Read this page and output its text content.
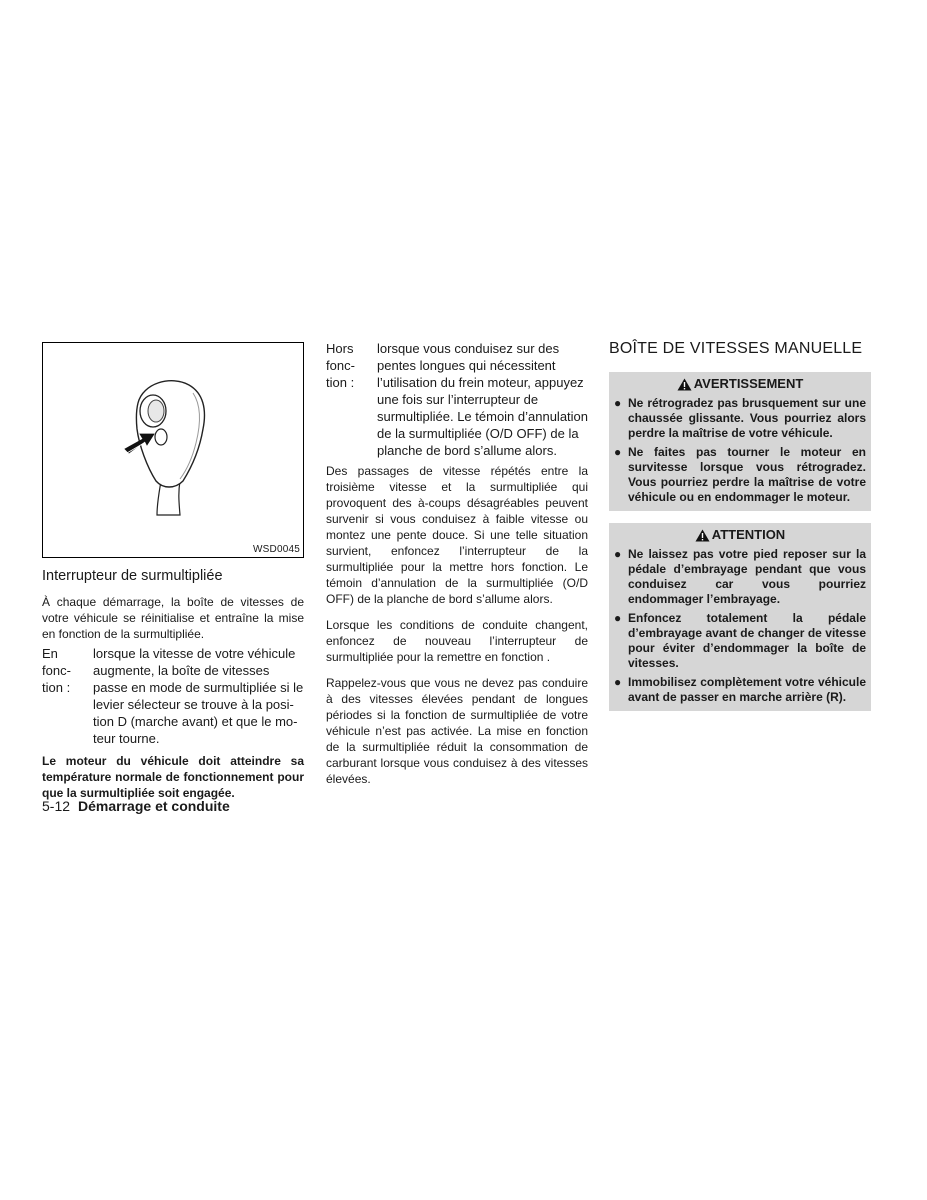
WSD0045
Interrupteur de surmultipliée

À chaque démarrage, la boîte de vitesses de votre véhicule se réinitialise et entraîne la mise en fonction de la surmultipliée.

En
fonc-
tion :
lorsque la vitesse de votre véhicule
augmente, la boîte de vitesses
passe en mode de surmultipliée si le
levier sélecteur se trouve à la posi-
tion D (marche avant) et que le mo-
teur tourne.

Le moteur du véhicule doit atteindre sa température normale de fonctionnement pour que la surmultipliée soit engagée.

Hors
fonc-
tion :
lorsque vous conduisez sur des
pentes longues qui nécessitent
l’utilisation du frein moteur, appuyez
une fois sur l’interrupteur de
surmultipliée. Le témoin d’annulation
de la surmultipliée (O/D OFF) de la
planche de bord s’allume alors.

Des passages de vitesse répétés entre la troisième vitesse et la surmultipliée qui provoquent des à-coups désagréables peuvent survenir si vous conduisez à faible vitesse ou montez une pente douce. Si une telle situation survient, enfoncez l’interrupteur de la surmultipliée pour la mettre hors fonction. Le témoin d’annulation de la surmultipliée (O/D OFF) de la planche de bord s’allume alors.

Lorsque les conditions de conduite changent, enfoncez de nouveau l’interrupteur de surmultipliée pour la remettre en fonction .

Rappelez-vous que vous ne devez pas conduire à des vitesses élevées pendant de longues périodes si la fonction de surmultipliée de votre véhicule n’est pas activée. La mise en fonction de la surmultipliée réduit la consommation de carburant lorsque vous conduisez à des vitesses élevées.

BOÎTE DE VITESSES MANUELLE
AVERTISSEMENT
● Ne rétrogradez pas brusquement sur une chaussée glissante. Vous pourriez alors perdre la maîtrise de votre véhicule.
● Ne faites pas tourner le moteur en survitesse lorsque vous rétrogradez. Vous pourriez perdre la maîtrise de votre véhicule ou en endommager le moteur.
ATTENTION
● Ne laissez pas votre pied reposer sur la pédale d’embrayage pendant que vous conduisez car vous pourriez endommager l’embrayage.
● Enfoncez totalement la pédale d’embrayage avant de changer de vitesse pour éviter d’endommager la boîte de vitesses.
● Immobilisez complètement votre véhicule avant de passer en marche arrière (R).
5-12 Démarrage et conduite
